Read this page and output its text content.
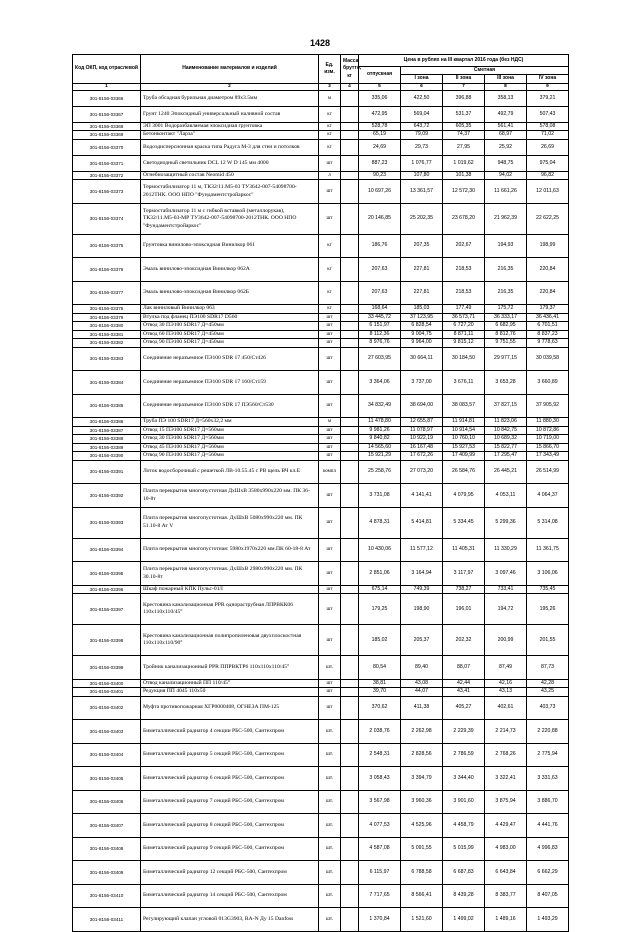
1428
Код ОКП, код отраслевой	Наименование материалов и изделий	Ед. изм.	Масса брутто, кг	Цена в рублях на III квартал 2016 года (без НДС)				
				отпускная	Сметная			
					I зона	II зона	III зона	IV зона
1	2	3	4	5	6	7	8	9
301-8156-03366	Труба обсадная бурильная диаметром 89х3.5мм	м		335,06	422,50	396,88	358,13	379,21
301-8156-03367	Грунт 1240 Эпоксидный универсальный наливной состав	кг		472,95	569,04	531,37	492,79	507,43
301-8156-03368	ЭП 3001 Водоразбавляемая эпоксидная грунтовка	кг		528,78	643,72	605,35	561,41	578,08
301-8156-03369	Бетонконтакт "Ларза"	кг		65,19	79,09	74,37	68,97	71,02
301-8156-03370	Водоэдисперсионная краска типа Радуга М-3 для стен и потолков	кг		24,69	29,73	27,95	25,92	26,69
301-8156-03371	Светодиодный светильник DCL 12 W D 145 мм 4000	шт		887,23	1 076,77	1 019,62	948,75	975,04
301-8156-03372	Огнебиозащитный состав Neomid 450	л		90,23	107,80	101,38	94,02	96,82
301-8156-03373	Термостабилизатор 11 м, ТК32/11.М5-03 ТУ3642-007-54098700-2012ТНК. ООО НПО "Фундаментстройаркос"	шт		10 697,26	13 361,57	12 572,30	11 661,26	12 011,63
301-8156-03374	Термостабилизатор 11 м с гибкой вставкой (металлорукав), ТК32/11.М5-03-МР ТУ3642-007-54098700-2012ТНК. ООО НПО "Фундаментстройаркос"	шт		20 146,85	25 202,35	23 678,20	21 962,39	22 622,25
301-8156-03375	Грунтовка винилово-эпоксидная Винилкор 061	кг		186,76	207,35	202,67	194,93	198,99
301-8156-03376	Эмаль винилово-эпоксидная Винилкор 062А	кг		207,63	227,81	218,53	216,35	220,84
301-8156-03377	Эмаль винилово-эпоксидная Винилкор 062Б	кг		207,63	227,81	218,53	216,35	220,84
301-8156-03378	Лак виниловый Винилкор 063	кг		168,64	185,03	177,49	175,72	179,37
301-8156-03379	Втулка под фланец ПЭ100 SDR17 D560	шт		33 445,72	37 123,95	36 573,71	36 333,17	36 436,41
301-8156-03380	Отвод 30 ПЭ100 SDR17 Д=450мм	шт		6 151,97	6 828,54	6 727,20	6 682,95	6 701,51
301-8156-03381	Отвод 60 ПЭ100 SDR17 Д=450мм	шт		8 112,36	9 004,75	8 871,11	8 812,76	8 837,23
301-8156-03382	Отвод 90 ПЭ100 SDR17 Д=450мм	шт		8 976,76	9 964,00	9 815,12	9 751,55	9 778,63
301-8156-03383	Соединение неразъемное ПЭ100 SDR 17 450/Ст426	шт		27 603,95	30 664,11	30 184,50	29 977,15	30 039,58
301-8156-03384	Соединение неразъемное ПЭ100 SDR 17 160/Ст159	шт		3 364,06	3 737,00	3 676,11	3 653,28	3 660,89
301-8156-03385	Соединение неразъемное ПЭ100 SDR 17 ПЭ560/Ст530	шт		34 832,49	38 694,00	38 083,57	37 827,15	37 905,92
301-8156-03386	Труба ПЭ 100 SDR17 Д=560х32,2 мм	м		11 478,80	12 655,87	11 914,81	11 823,06	11 880,30
301-8156-03387	Отвод 15 ПЭ100 SDR17 Д=560мм	шт		9 981,26	11 078,97	10 914,54	10 842,75	10 872,86
301-8156-03388	Отвод 30 ПЭ100 SDR17 Д=560мм	шт		9 840,82	10 922,19	10 760,10	10 689,32	10 719,00
301-8156-03389	Отвод 45 ПЭ100 SDR17 Д=560мм	шт		14 565,60	16 167,48	15 927,53	15 822,77	15 866,70
301-8156-03390	Отвод 90 ПЭ100 SDR17 Д=560мм	шт		15 921,29	17 672,26	17 409,99	17 295,47	17 343,49
301-8156-03391	Лоток водосборочный с решеткой ЛВ-10.55.45 с РВ щель ВЧ кл.Е	компл		25 258,76	27 073,20	26 584,76	26 445,21	26 514,99
301-8156-03392	Плита перекрытия многопустотная ДхШхВ 3580х990х220 мм. ПК 36-10-8т	шт		3 731,08	4 141,41	4 079,95	4 053,11	4 064,37
301-8156-03393	Плита перекрытия многопустотная. ДхШхВ 5080х990х220 мм. ПК 51.10-8 Ат V	шт		4 878,31	5 414,81	5 334,45	5 299,36	5 314,08
301-8156-03394	Плита перекрытия многопустотная: 5980х1970х220 мм.ПК 60-18-8 Ат	шт		10 430,06	11 577,12	11 405,31	11 330,29	11 361,75
301-8156-03395	Плита перекрытия многопустотная. ДхШхВ 2980х990х220 мм. ПК 30.10-8т	шт		2 851,06	3 164,94	3 117,97	3 097,46	3 106,06
301-8156-03396	Шкаф пожарный КПК Пульс-01/I	шт		675,14	749,39	738,27	733,41	735,45
301-8156-03397	Крестовина канализационная РРR однораструбная ЛПРВКК06 110х110х110/45°	шт		179,25	198,90	196,01	194,72	195,26
301-8156-03398	Крестовина канализационная полипропиленовая двухплоскостная 110х110х110/90°	шт		185,02	205,37	202,32	200,99	201,55
301-8156-03399	Тройник канализационный РРR ППРВКТР6 110х110х110/45°	шт.		80,54	89,40	88,07	87,49	87,73
301-8156-03400	Отвод канализационный ПП 110/45°	шт		38,81	43,08	42,44	42,16	42,28
301-8156-03401	Редукция ПП 4045 110х50	шт		39,70	44,07	43,41	43,13	43,25
301-8156-03402	Муфта противопожарная ХГР0000408, ОГНЕЗА ПМ-125	шт		370,62	411,38	405,27	402,61	403,73
301-8156-03403	Биметаллический радиатор 4 секции РБС-500, Сантехпром	шт.		2 038,76	2 262,98	2 229,39	2 214,73	2 220,88
301-8156-03404	Биметаллический радиатор 5 секций РБС-500, Сантехпром	шт.		2 548,31	2 828,56	2 786,59	2 768,26	2 775,94
301-8156-03405	Биметаллический радиатор 6 секций РБС-500, Сантехпром	шт.		3 058,43	3 394,79	3 344,40	3 322,41	3 331,63
301-8156-03406	Биметаллический радиатор 7 секций РБС-500, Сантехпром	шт.		3 567,98	3 960,36	3 901,60	3 875,94	3 886,70
301-8156-03407	Биметаллический радиатор 8 секций РБС-500, Сантехпром	шт.		4 077,53	4 525,96	4 458,79	4 429,47	4 441,76
301-8156-03408	Биметаллический радиатор 9 секций РБС-500, Сантехпром	шт.		4 587,08	5 091,55	5 015,99	4 983,00	4 996,83
301-8156-03409	Биметаллический радиатор 12 секций РБС-500, Сантехпром	шт.		6 115,97	6 788,58	6 687,83	6 643,84	6 662,29
301-8156-03410	Биметаллический радиатор 14 секций РБС-500, Сантехпром	шт.		7 717,65	8 566,41	8 439,28	8 383,77	8 407,05
301-8156-03411	Регулирующий клапан угловой 013G3903, RA-N Ду 15 Danfoss	шт.		1 370,84	1 521,60	1 499,02	1 489,16	1 493,29
